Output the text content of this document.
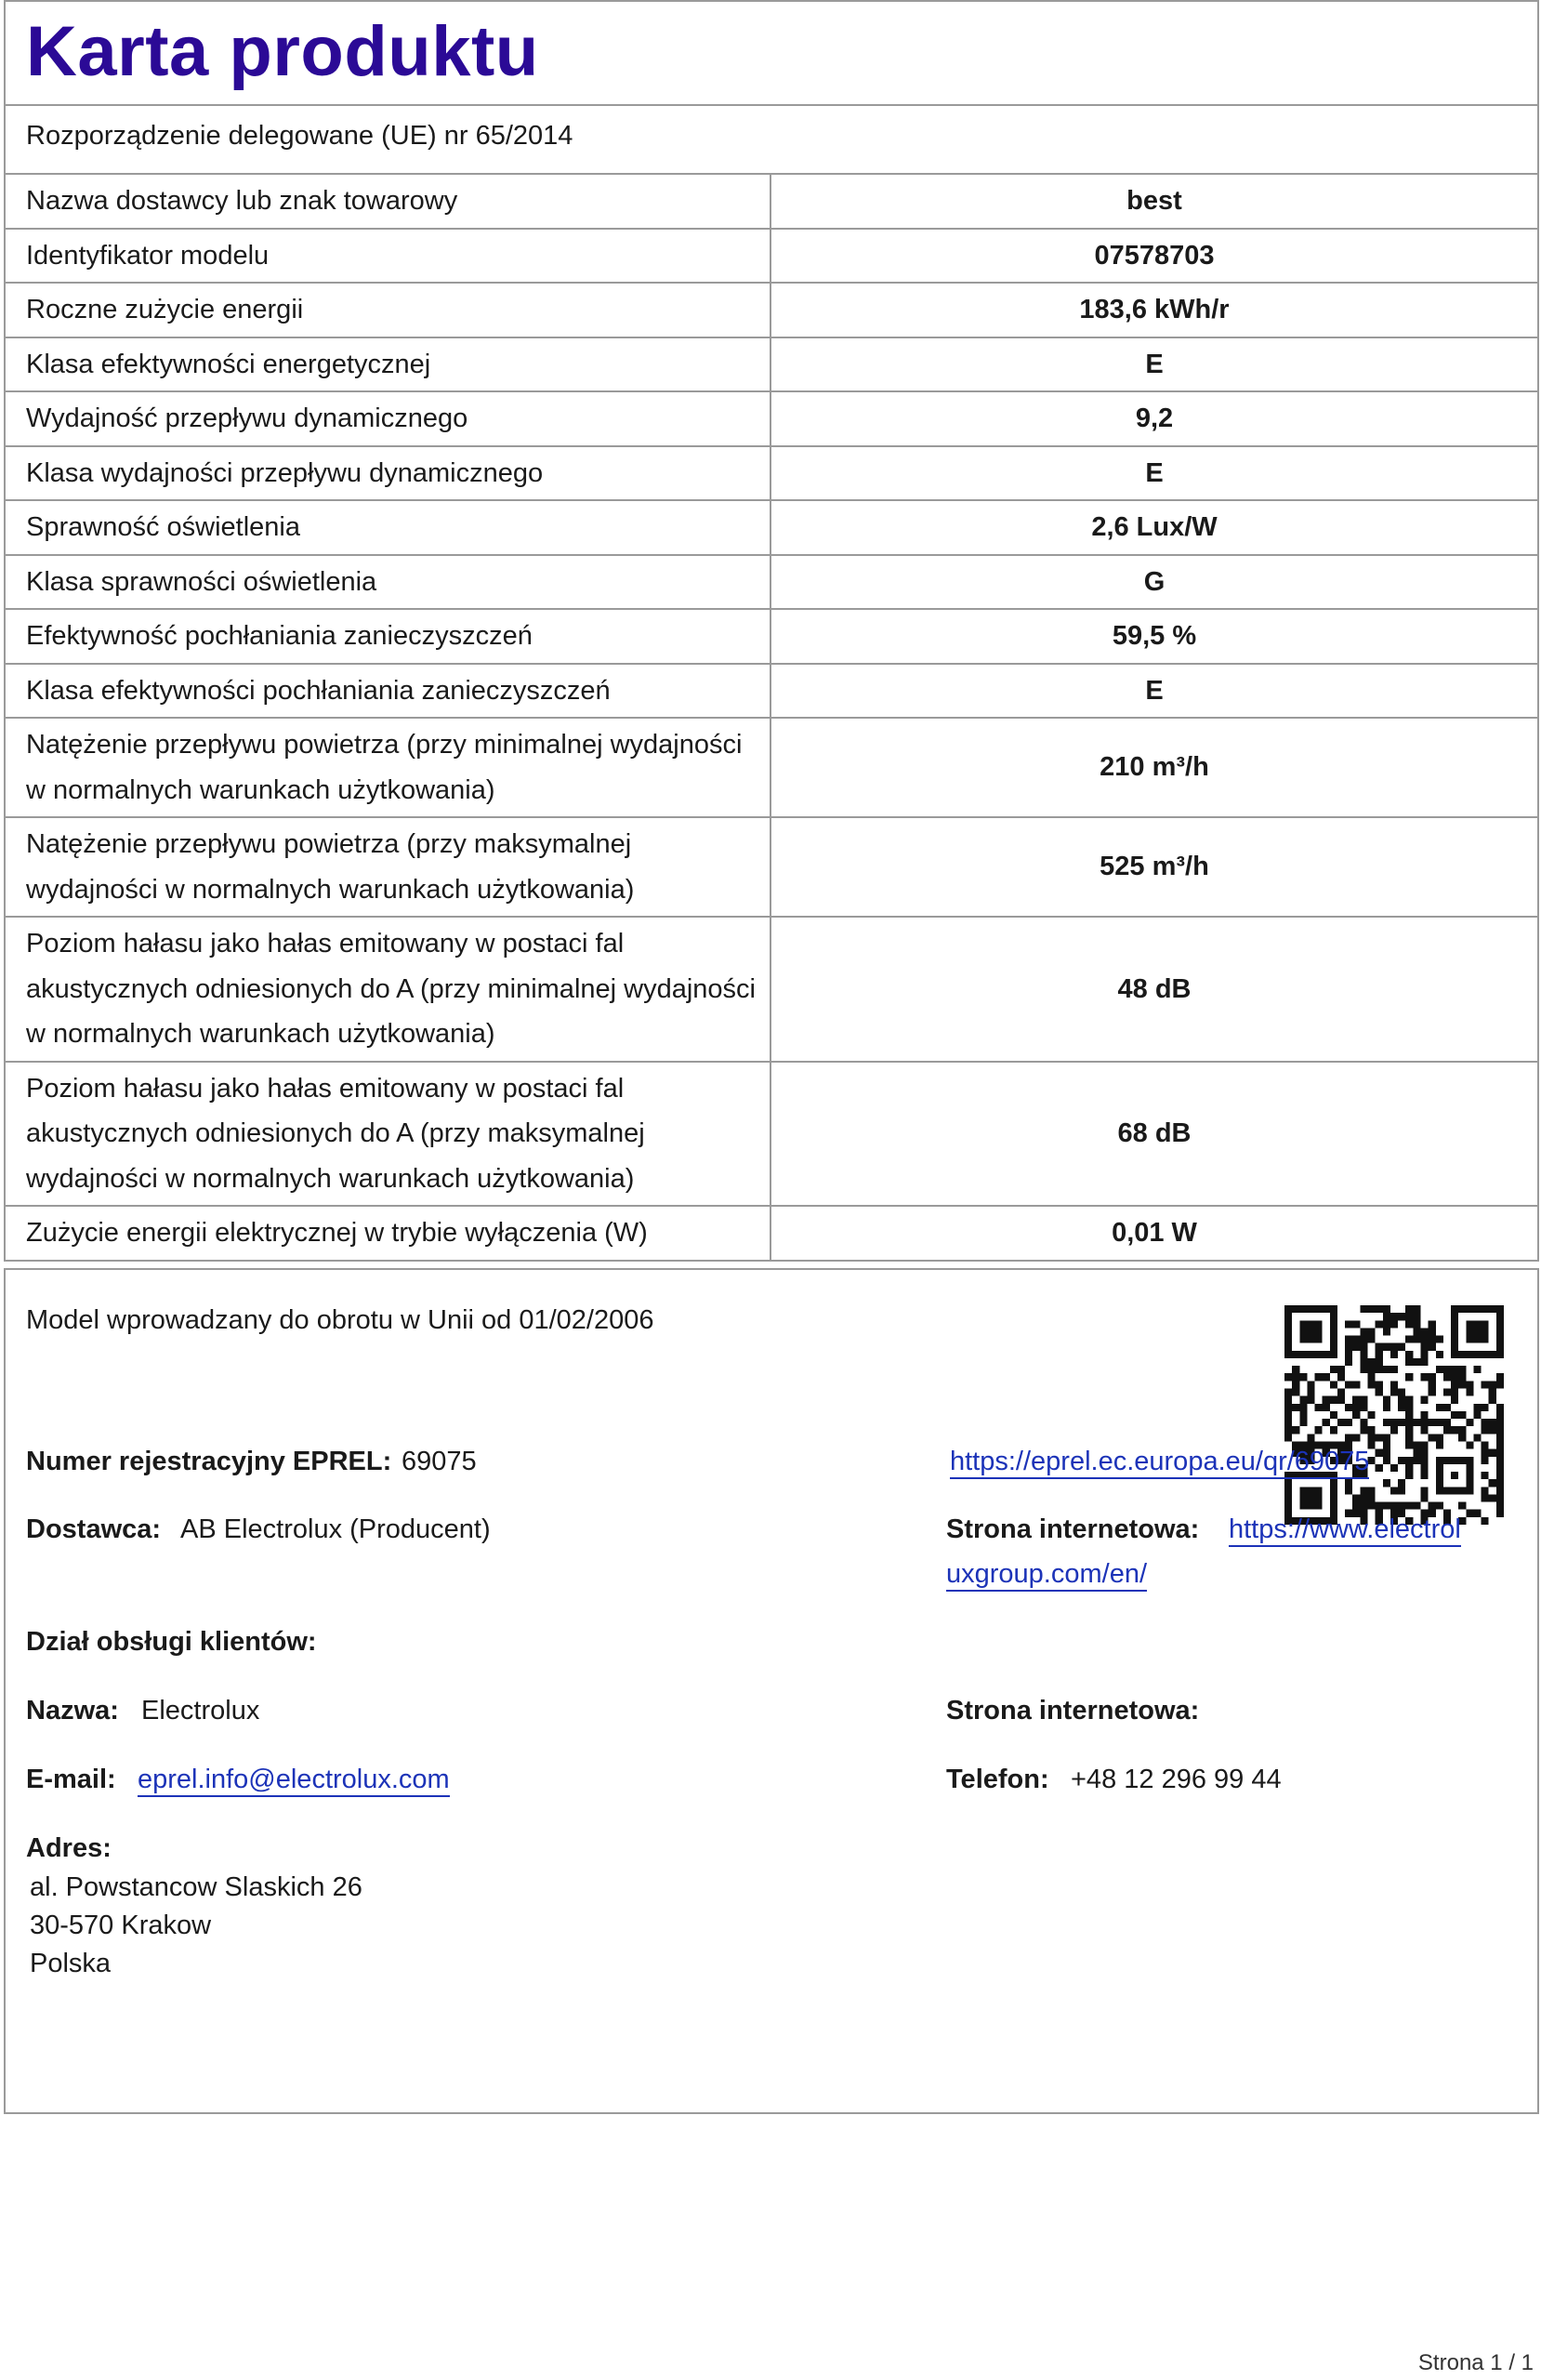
Karta produktu
Rozporządzenie delegowane (UE) nr 65/2014
Nazwa dostawcy lub znak towarowy	best
Identyfikator modelu	07578703
Roczne zużycie energii	183,6 kWh/r
Klasa efektywności energetycznej	E
Wydajność przepływu dynamicznego	9,2
Klasa wydajności przepływu dynamicznego	E
Sprawność oświetlenia	2,6 Lux/W
Klasa sprawności oświetlenia	G
Efektywność pochłaniania zanieczyszczeń	59,5 %
Klasa efektywności pochłaniania zanieczyszczeń	E
Natężenie przepływu powietrza (przy minimalnej wydajności w normalnych warunkach użytkowania)	210 m³/h
Natężenie przepływu powietrza (przy maksymalnej wydajności w normalnych warunkach użytkowania)	525 m³/h
Poziom hałasu jako hałas emitowany w postaci fal akustycznych odniesionych do A (przy minimalnej wydajności w normalnych warunkach użytkowania)	48 dB
Poziom hałasu jako hałas emitowany w postaci fal akustycznych odniesionych do A (przy maksymalnej wydajności w normalnych warunkach użytkowania)	68 dB
Zużycie energii elektrycznej w trybie wyłączenia (W)	0,01 W
Model wprowadzany do obrotu w Unii od 01/02/2006
Numer rejestracyjny EPREL: 69075	https://eprel.ec.europa.eu/qr/69075
Dostawca: AB Electrolux (Producent)	Strona internetowa: https://www.electrol
uxgroup.com/en/
Dział obsługi klientów:
Nazwa: Electrolux	Strona internetowa:
E-mail: eprel.info@electrolux.com	Telefon: +48 12 296 99 44
Adres:
al. Powstancow Slaskich 26
30-570 Krakow
Polska
Strona 1 / 1
